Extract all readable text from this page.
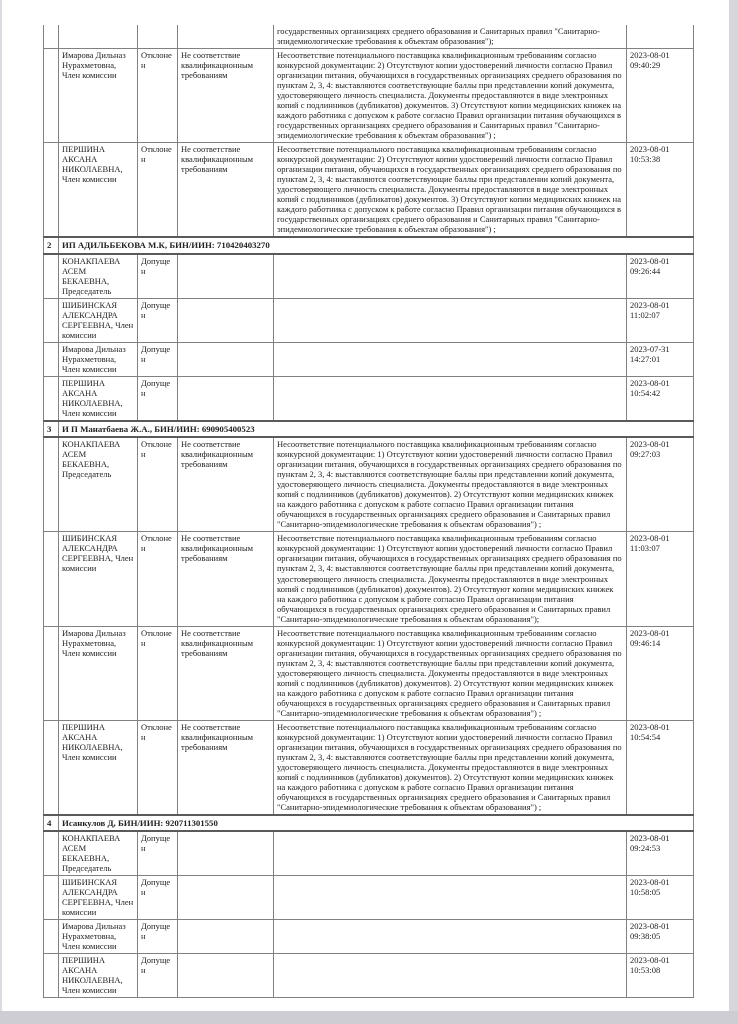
				государственных организациях среднего образования и Санитарных правил "Санитарно-эпидемиологические требования к объектам образования");	
	Имарова Дильназ Нурахметовна, Член комиссии	Отклонен	Не соответствие квалификационным требованиям	Несоответствие потенциального поставщика квалификационным требованиям согласно конкурсной документации: 2) Отсутствуют копии удостоверений личности согласно Правил организации питания, обучающихся в государственных организациях среднего образования по пунктам 2, 3, 4: выставляются соответствующие баллы при представлении копий документа, удостоверяющего личность специалиста. Документы предоставляются в виде электронных копий с подлинников (дубликатов) документов. 3) Отсутствуют копии медицинских книжек на каждого работника с допуском к работе согласно Правил организации питания обучающихся в государственных организациях среднего образования и Санитарных правил "Санитарно-эпидемиологические требования к объектам образования") ;	2023-08-01 09:40:29
	ПЕРШИНА АКСАНА НИКОЛАЕВНА, Член комиссии	Отклонен	Не соответствие квалификационным требованиям	Несоответствие потенциального поставщика квалификационным требованиям согласно конкурсной документации: 2) Отсутствуют копии удостоверений личности согласно Правил организации питания, обучающихся в государственных организациях среднего образования по пунктам 2, 3, 4: выставляются соответствующие баллы при представлении копий документа, удостоверяющего личность специалиста. Документы предоставляются в виде электронных копий с подлинников (дубликатов) документов. 3) Отсутствуют копии медицинских книжек на каждого работника с допуском к работе согласно Правил организации питания обучающихся в государственных организациях среднего образования и Санитарных правил "Санитарно-эпидемиологические требования к объектам образования") ;	2023-08-01 10:53:38
2	ИП АДИЛЬБЕКОВА М.К, БИН/ИИН: 710420403270				
	КОНАКПАЕВА АСЕМ БЕКАЕВНА, Председатель	Допущен			2023-08-01 09:26:44
	ШИБИНСКАЯ АЛЕКСАНДРА СЕРГЕЕВНА, Член комиссии	Допущен			2023-08-01 11:02:07
	Имарова Дильназ Нурахметовна, Член комиссии	Допущен			2023-07-31 14:27:01
	ПЕРШИНА АКСАНА НИКОЛАЕВНА, Член комиссии	Допущен			2023-08-01 10:54:42
3	И П Манатбаева Ж.А., БИН/ИИН: 690905400523				
	КОНАКПАЕВА АСЕМ БЕКАЕВНА, Председатель	Отклонен	Не соответствие квалификационным требованиям	Несоответствие потенциального поставщика квалификационным требованиям согласно конкурсной документации: 1) Отсутствуют копии удостоверений личности согласно Правил организации питания, обучающихся в государственных организациях среднего образования по пунктам 2, 3, 4: выставляются соответствующие баллы при представлении копий документа, удостоверяющего личность специалиста. Документы предоставляются в виде электронных копий с подлинников (дубликатов) документов). 2) Отсутствуют копии медицинских книжек на каждого работника с допуском к работе согласно Правил организации питания обучающихся в государственных организациях среднего образования и Санитарных правил "Санитарно-эпидемиологические требования к объектам образования") ;	2023-08-01 09:27:03
	ШИБИНСКАЯ АЛЕКСАНДРА СЕРГЕЕВНА, Член комиссии	Отклонен	Не соответствие квалификационным требованиям	Несоответствие потенциального поставщика квалификационным требованиям согласно конкурсной документации: 1) Отсутствуют копии удостоверений личности согласно Правил организации питания, обучающихся в государственных организациях среднего образования по пунктам 2, 3, 4: выставляются соответствующие баллы при представлении копий документа, удостоверяющего личность специалиста. Документы предоставляются в виде электронных копий с подлинников (дубликатов) документов). 2) Отсутствуют копии медицинских книжек на каждого работника с допуском к работе согласно Правил организации питания обучающихся в государственных организациях среднего образования и Санитарных правил "Санитарно-эпидемиологические требования к объектам образования");	2023-08-01 11:03:07
	Имарова Дильназ Нурахметовна, Член комиссии	Отклонен	Не соответствие квалификационным требованиям	Несоответствие потенциального поставщика квалификационным требованиям согласно конкурсной документации: 1) Отсутствуют копии удостоверений личности согласно Правил организации питания, обучающихся в государственных организациях среднего образования по пунктам 2, 3, 4: выставляются соответствующие баллы при представлении копий документа, удостоверяющего личность специалиста. Документы предоставляются в виде электронных копий с подлинников (дубликатов) документов). 2) Отсутствуют копии медицинских книжек на каждого работника с допуском к работе согласно Правил организации питания обучающихся в государственных организациях среднего образования и Санитарных правил "Санитарно-эпидемиологические требования к объектам образования") ;	2023-08-01 09:46:14
	ПЕРШИНА АКСАНА НИКОЛАЕВНА, Член комиссии	Отклонен	Не соответствие квалификационным требованиям	Несоответствие потенциального поставщика квалификационным требованиям согласно конкурсной документации: 1) Отсутствуют копии удостоверений личности согласно Правил организации питания, обучающихся в государственных организациях среднего образования по пунктам 2, 3, 4: выставляются соответствующие баллы при представлении копий документа, удостоверяющего личность специалиста. Документы предоставляются в виде электронных копий с подлинников (дубликатов) документов). 2) Отсутствуют копии медицинских книжек на каждого работника с допуском к работе согласно Правил организации питания обучающихся в государственных организациях среднего образования и Санитарных правил "Санитарно-эпидемиологические требования к объектам образования") ;	2023-08-01 10:54:54
4	Исанкулов Д, БИН/ИИН: 920711301550				
	КОНАКПАЕВА АСЕМ БЕКАЕВНА, Председатель	Допущен			2023-08-01 09:24:53
	ШИБИНСКАЯ АЛЕКСАНДРА СЕРГЕЕВНА, Член комиссии	Допущен			2023-08-01 10:58:05
	Имарова Дильназ Нурахметовна, Член комиссии	Допущен			2023-08-01 09:38:05
	ПЕРШИНА АКСАНА НИКОЛАЕВНА, Член комиссии	Допущен			2023-08-01 10:53:08
